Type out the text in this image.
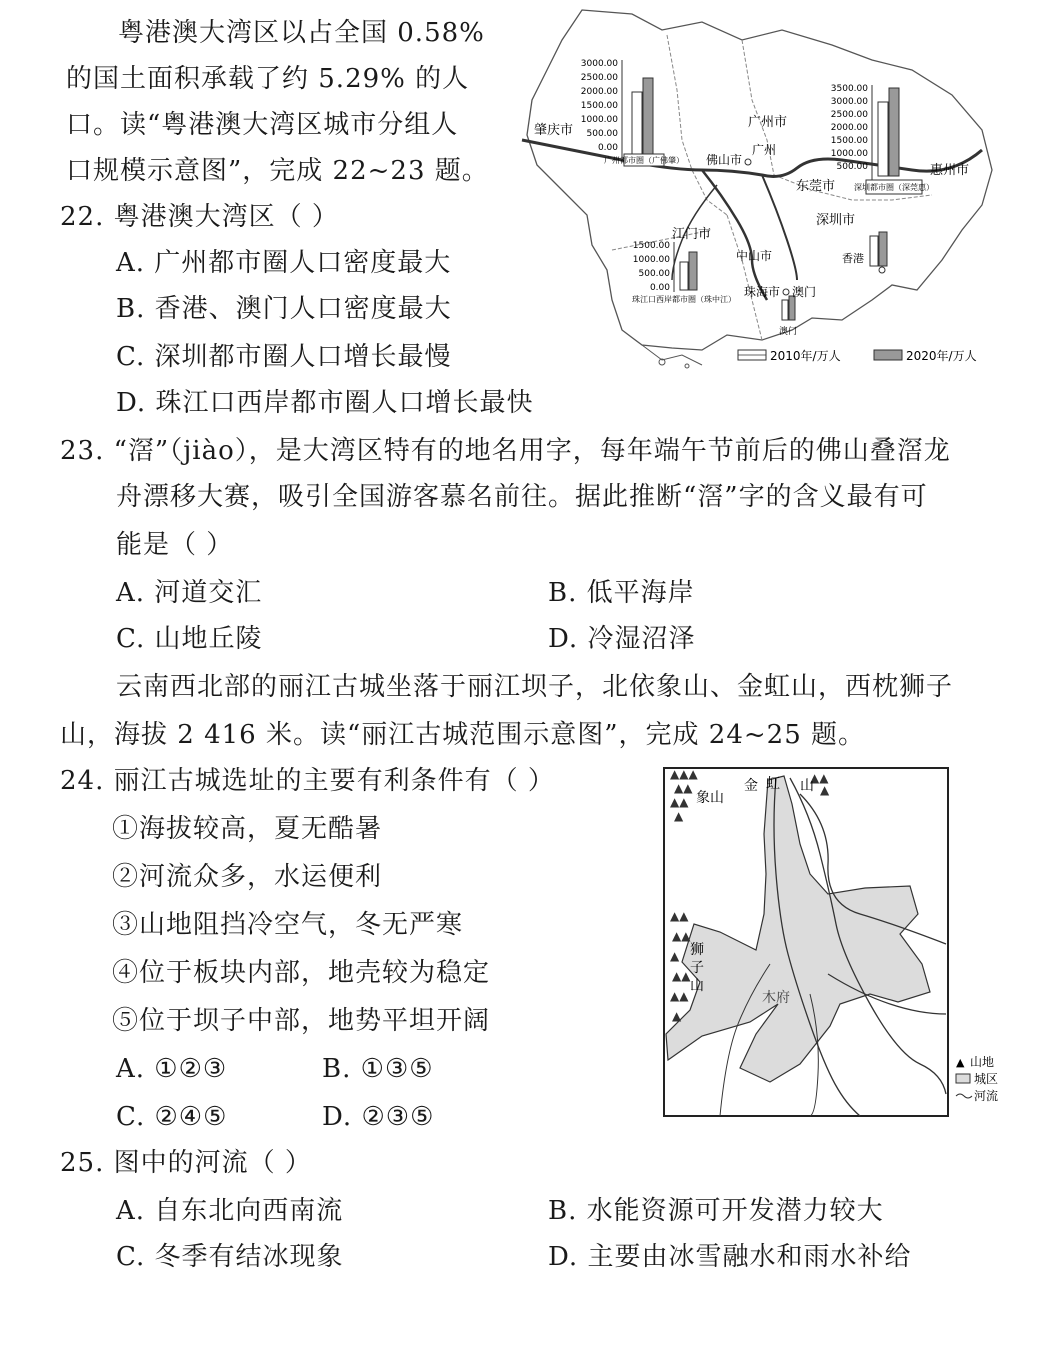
粤港澳大湾区以占全国 0.58%
的国土面积承载了约 5.29% 的人
口。读“粤港澳大湾区城市分组人
口规模示意图”，完成 22~23 题。
22. 粤港澳大湾区（ ）
A. 广州都市圈人口密度最大
B. 香港、澳门人口密度最大
C. 深圳都市圈人口增长最慢
D. 珠江口西岸都市圈人口增长最快
3000.00
2500.00
2000.00
1500.00
1000.00
500.00
0.00
广州都市圈（广佛肇）
3500.00
3000.00
2500.00
2000.00
1500.00
1000.00
500.00
深圳都市圈（深莞惠）
1500.00
1000.00
500.00
0.00
珠江口西岸都市圈（珠中江）
香港
澳门
肇庆市
广州市
广州
佛山市
东莞市
惠州市
深圳市
江门市
中山市
珠海市 澳门
2010年/万人	2020年/万人
23. “滘”（jiào），是大湾区特有的地名用字，每年端午节前后的佛山叠滘龙
舟漂移大赛，吸引全国游客慕名前往。据此推断“滘”字的含义最有可
能是（ ）
A. 河道交汇	B. 低平海岸
C. 山地丘陵	D. 冷湿沼泽
云南西北部的丽江古城坐落于丽江坝子，北依象山、金虹山，西枕狮子
山，海拔 2 416 米。读“丽江古城范围示意图”，完成 24~25 题。
24. 丽江古城选址的主要有利条件有（ ）
①海拔较高，夏无酷暑
②河流众多，水运便利
③山地阻挡冷空气，冬无严寒
④位于板块内部，地壳较为稳定
⑤位于坝子中部，地势平坦开阔
A. ①②③	B. ①③⑤
C. ②④⑤	D. ②③⑤
▲▲▲
▲▲
▲▲
▲
▲▲
▲
▲▲
▲▲
▲
▲▲
▲▲
▲
象山
金 虹 山
狮
子
山
木府
▲ 山地
城区
河流
25. 图中的河流（ ）
A. 自东北向西南流	B. 水能资源可开发潜力较大
C. 冬季有结冰现象	D. 主要由冰雪融水和雨水补给
